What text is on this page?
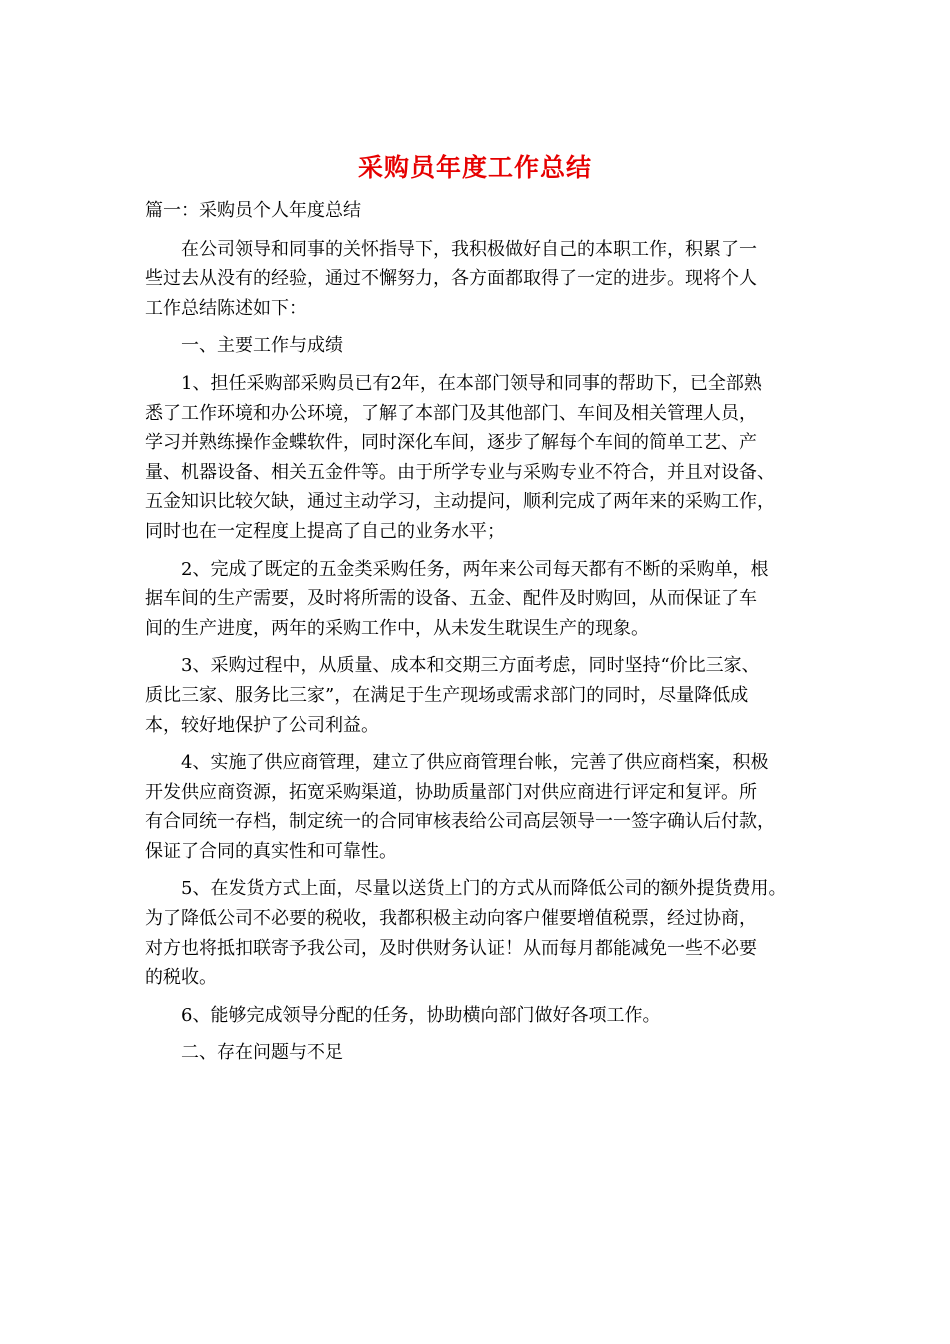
采购员年度工作总结

篇一：采购员个人年度总结

在公司领导和同事的关怀指导下，我积极做好自己的本职工作，积累了一
些过去从没有的经验，通过不懈努力，各方面都取得了一定的进步。现将个人
工作总结陈述如下：

一、主要工作与成绩

1、担任采购部采购员已有2年，在本部门领导和同事的帮助下，已全部熟
悉了工作环境和办公环境，了解了本部门及其他部门、车间及相关管理人员，
学习并熟练操作金蝶软件，同时深化车间，逐步了解每个车间的简单工艺、产
量、机器设备、相关五金件等。由于所学专业与采购专业不符合，并且对设备、
五金知识比较欠缺，通过主动学习，主动提问，顺利完成了两年来的采购工作，
同时也在一定程度上提高了自己的业务水平；

2、完成了既定的五金类采购任务，两年来公司每天都有不断的采购单，根
据车间的生产需要，及时将所需的设备、五金、配件及时购回，从而保证了车
间的生产进度，两年的采购工作中，从未发生耽误生产的现象。

3、采购过程中，从质量、成本和交期三方面考虑，同时坚持“价比三家、
质比三家、服务比三家”，在满足于生产现场或需求部门的同时，尽量降低成
本，较好地保护了公司利益。

4、实施了供应商管理，建立了供应商管理台帐，完善了供应商档案，积极
开发供应商资源，拓宽采购渠道，协助质量部门对供应商进行评定和复评。所
有合同统一存档，制定统一的合同审核表给公司高层领导一一签字确认后付款，
保证了合同的真实性和可靠性。

5、在发货方式上面，尽量以送货上门的方式从而降低公司的额外提货费用。
为了降低公司不必要的税收，我都积极主动向客户催要增值税票，经过协商，
对方也将抵扣联寄予我公司，及时供财务认证！从而每月都能减免一些不必要
的税收。

6、能够完成领导分配的任务，协助横向部门做好各项工作。

二、存在问题与不足
